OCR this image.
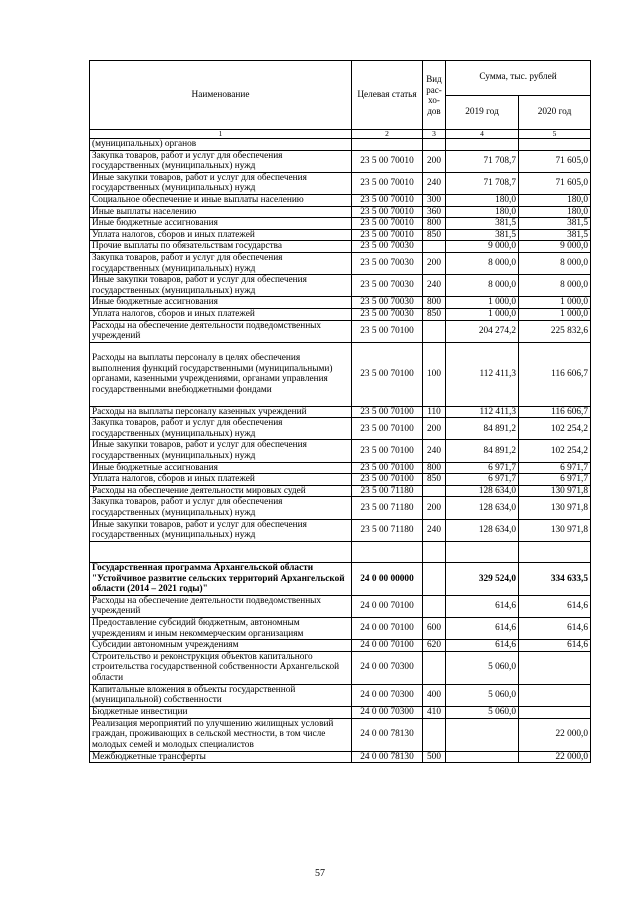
Наименование	Целевая статья	Вид
рас-
хо-
дов	Сумма, тыс. рублей	
			2019 год	2020 год
1	2	3	4	5
(муниципальных) органов				
Закупка товаров, работ и услуг для обеспечения государственных (муниципальных) нужд	23 5 00 70010	200	71 708,7	71 605,0
Иные закупки товаров, работ и услуг для обеспечения государственных (муниципальных) нужд	23 5 00 70010	240	71 708,7	71 605,0
Социальное обеспечение и иные выплаты населению	23 5 00 70010	300	180,0	180,0
Иные выплаты населению	23 5 00 70010	360	180,0	180,0
Иные бюджетные ассигнования	23 5 00 70010	800	381,5	381,5
Уплата налогов, сборов и иных платежей	23 5 00 70010	850	381,5	381,5
Прочие выплаты по обязательствам государства	23 5 00 70030		9 000,0	9 000,0
Закупка товаров, работ и услуг для обеспечения государственных (муниципальных) нужд	23 5 00 70030	200	8 000,0	8 000,0
Иные закупки товаров, работ и услуг для обеспечения государственных (муниципальных) нужд	23 5 00 70030	240	8 000,0	8 000,0
Иные бюджетные ассигнования	23 5 00 70030	800	1 000,0	1 000,0
Уплата налогов, сборов и иных платежей	23 5 00 70030	850	1 000,0	1 000,0
Расходы на обеспечение деятельности подведомственных учреждений	23 5 00 70100		204 274,2	225 832,6
Расходы на выплаты персоналу в целях обеспечения выполнения функций государственными (муниципальными) органами, казенными учреждениями, органами управления государственными внебюджетными фондами	23 5 00 70100	100	112 411,3	116 606,7
Расходы на выплаты персоналу казенных учреждений	23 5 00 70100	110	112 411,3	116 606,7
Закупка товаров, работ и услуг для обеспечения государственных (муниципальных) нужд	23 5 00 70100	200	84 891,2	102 254,2
Иные закупки товаров, работ и услуг для обеспечения государственных (муниципальных) нужд	23 5 00 70100	240	84 891,2	102 254,2
Иные бюджетные ассигнования	23 5 00 70100	800	6 971,7	6 971,7
Уплата налогов, сборов и иных платежей	23 5 00 70100	850	6 971,7	6 971,7
Расходы на обеспечение деятельности мировых судей	23 5 00 71180		128 634,0	130 971,8
Закупка товаров, работ и услуг для обеспечения государственных (муниципальных) нужд	23 5 00 71180	200	128 634,0	130 971,8
Иные закупки товаров, работ и услуг для обеспечения государственных (муниципальных) нужд	23 5 00 71180	240	128 634,0	130 971,8

Государственная программа Архангельской области "Устойчивое развитие сельских территорий Архангельской области (2014 – 2021 годы)"	24 0 00 00000		329 524,0	334 633,5
Расходы на обеспечение деятельности подведомственных учреждений	24 0 00 70100		614,6	614,6
Предоставление субсидий бюджетным, автономным учреждениям и иным некоммерческим организациям	24 0 00 70100	600	614,6	614,6
Субсидии автономным учреждениям	24 0 00 70100	620	614,6	614,6
Строительство и реконструкция объектов капитального строительства государственной собственности Архангельской области	24 0 00 70300		5 060,0	
Капитальные вложения в объекты государственной (муниципальной) собственности	24 0 00 70300	400	5 060,0	
Бюджетные инвестиции	24 0 00 70300	410	5 060,0	
Реализация мероприятий по улучшению жилищных условий граждан, проживающих в сельской местности, в том числе молодых семей и молодых специалистов	24 0 00 78130			22 000,0
Межбюджетные трансферты	24 0 00 78130	500		22 000,0
57
